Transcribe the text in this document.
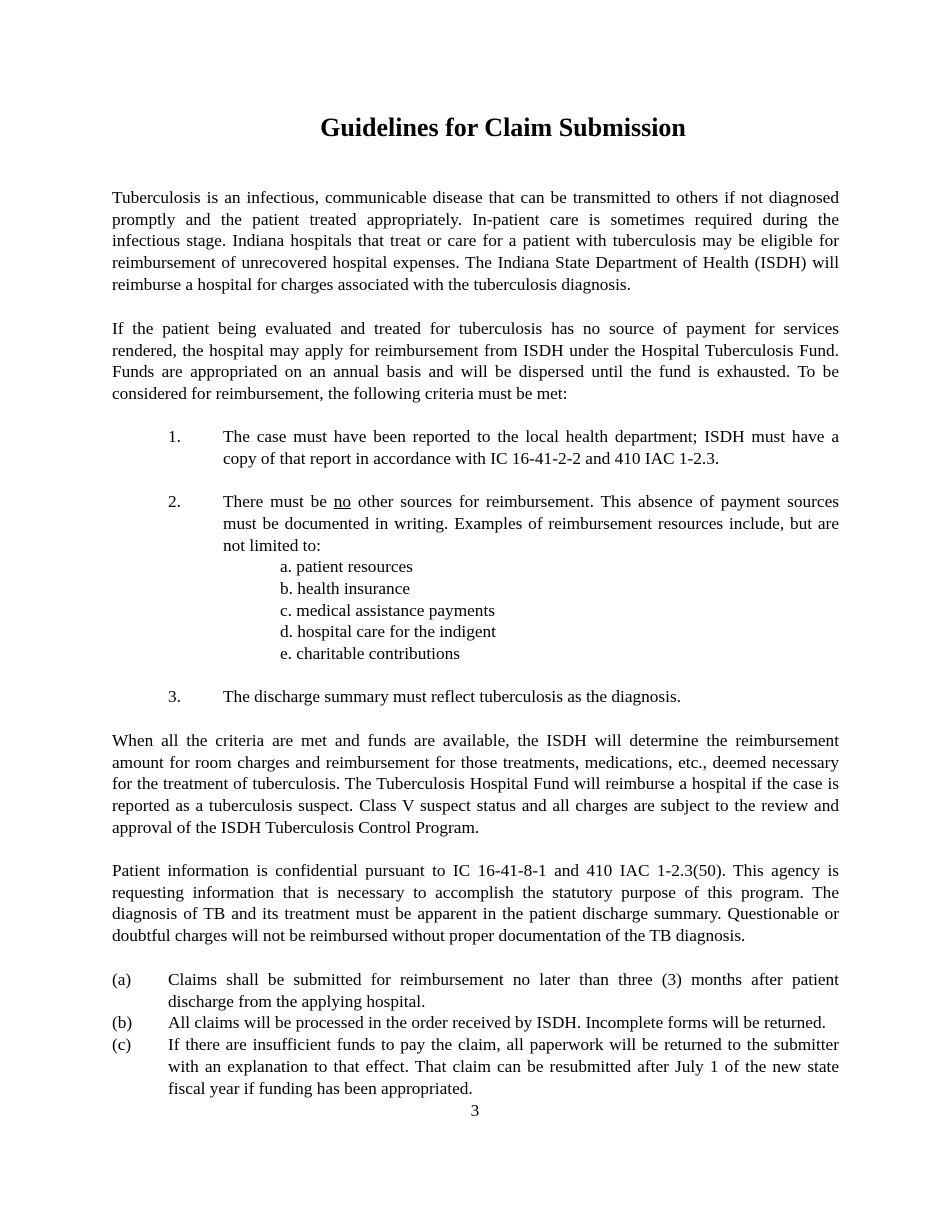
Guidelines for Claim Submission

Tuberculosis is an infectious, communicable disease that can be transmitted to others if not diagnosed promptly and the patient treated appropriately. In-patient care is sometimes required during the infectious stage. Indiana hospitals that treat or care for a patient with tuberculosis may be eligible for reimbursement of unrecovered hospital expenses. The Indiana State Department of Health (ISDH) will reimburse a hospital for charges associated with the tuberculosis diagnosis.

If the patient being evaluated and treated for tuberculosis has no source of payment for services rendered, the hospital may apply for reimbursement from ISDH under the Hospital Tuberculosis Fund. Funds are appropriated on an annual basis and will be dispersed until the fund is exhausted. To be considered for reimbursement, the following criteria must be met:

1. The case must have been reported to the local health department; ISDH must have a copy of that report in accordance with IC 16-41-2-2 and 410 IAC 1-2.3.
2. There must be no other sources for reimbursement. This absence of payment sources must be documented in writing. Examples of reimbursement resources include, but are not limited to:
a. patient resources
b. health insurance
c. medical assistance payments
d. hospital care for the indigent
e. charitable contributions
3. The discharge summary must reflect tuberculosis as the diagnosis.

When all the criteria are met and funds are available, the ISDH will determine the reimbursement amount for room charges and reimbursement for those treatments, medications, etc., deemed necessary for the treatment of tuberculosis. The Tuberculosis Hospital Fund will reimburse a hospital if the case is reported as a tuberculosis suspect. Class V suspect status and all charges are subject to the review and approval of the ISDH Tuberculosis Control Program.

Patient information is confidential pursuant to IC 16-41-8-1 and 410 IAC 1-2.3(50). This agency is requesting information that is necessary to accomplish the statutory purpose of this program. The diagnosis of TB and its treatment must be apparent in the patient discharge summary. Questionable or doubtful charges will not be reimbursed without proper documentation of the TB diagnosis.

(a) Claims shall be submitted for reimbursement no later than three (3) months after patient discharge from the applying hospital.
(b) All claims will be processed in the order received by ISDH. Incomplete forms will be returned.
(c) If there are insufficient funds to pay the claim, all paperwork will be returned to the submitter with an explanation to that effect. That claim can be resubmitted after July 1 of the new state fiscal year if funding has been appropriated.
3
